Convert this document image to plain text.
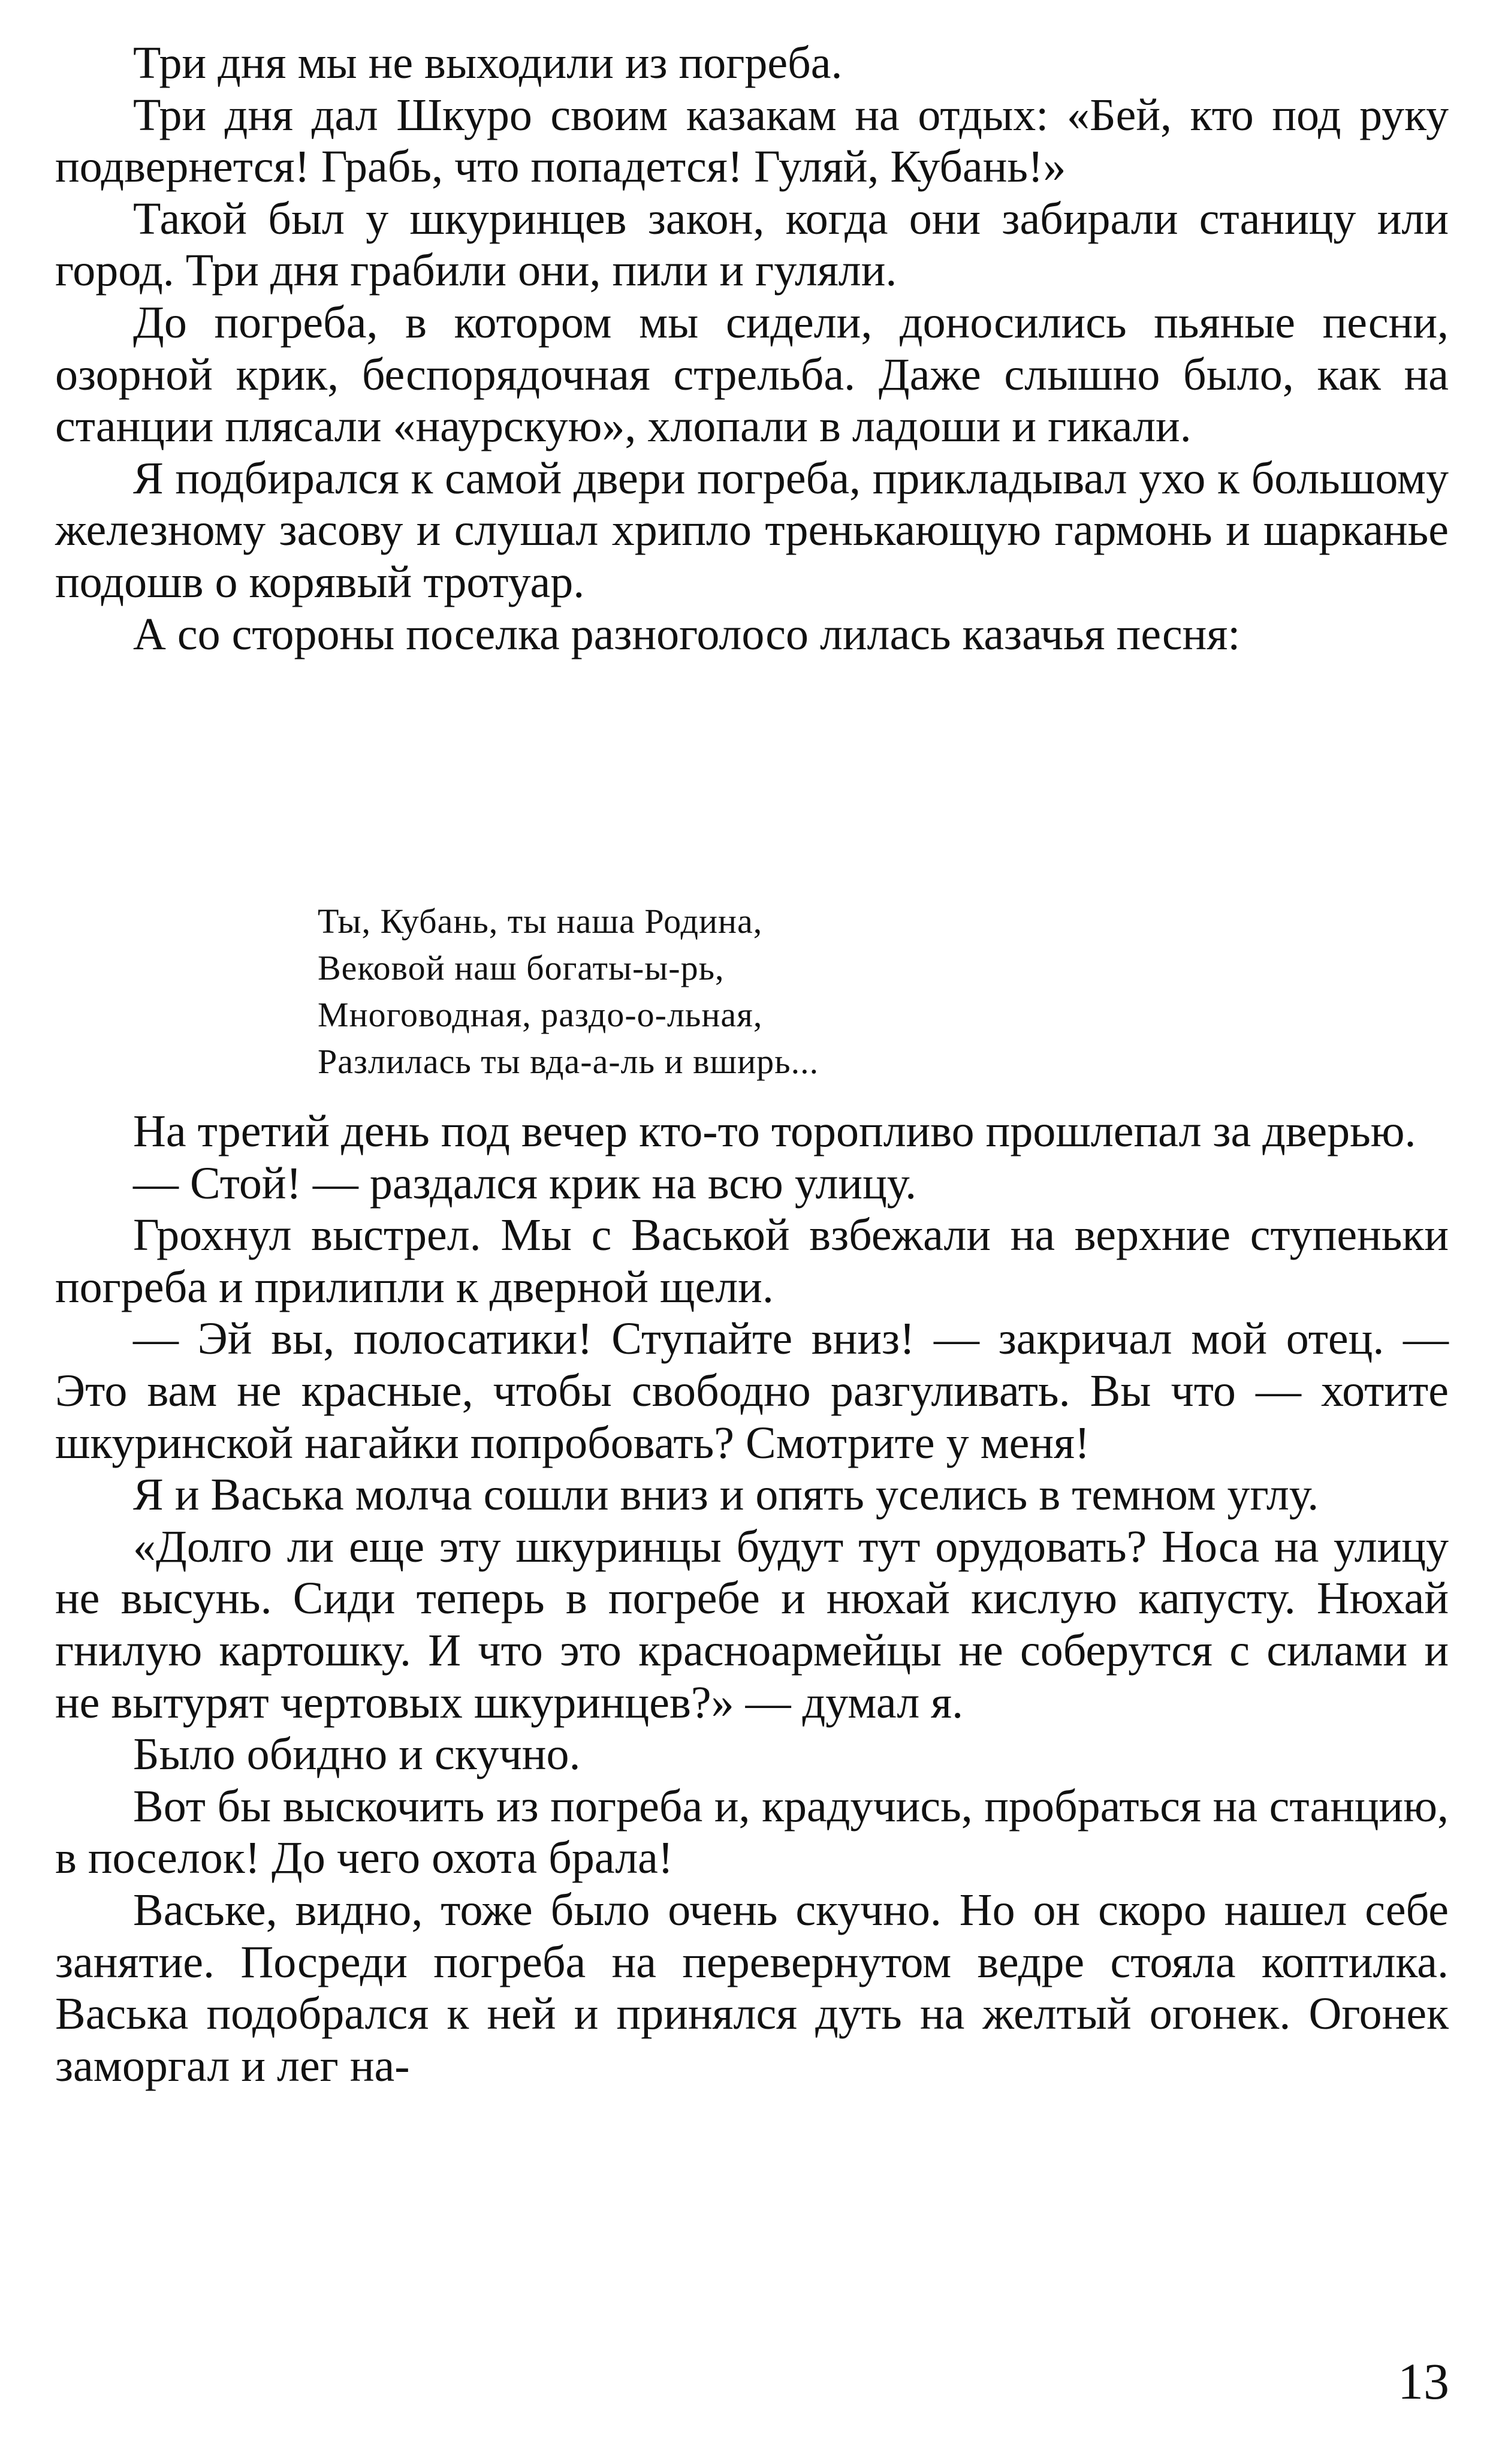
Три дня мы не выходили из погреба.

Три дня дал Шкуро своим казакам на отдых: «Бей, кто под руку подвернется! Грабь, что попадется! Гуляй, Кубань!»

Такой был у шкуринцев закон, когда они забирали станицу или город. Три дня грабили они, пили и гуляли.

До погреба, в котором мы сидели, доносились пьяные песни, озорной крик, беспорядочная стрельба. Даже слышно было, как на станции плясали «наурскую», хлопали в ладоши и гикали.

Я подбирался к самой двери погреба, прикладывал ухо к большому железному засову и слушал хрипло тренькающую гармонь и шарканье подошв о корявый тротуар.

А со стороны поселка разноголосо лилась казачья песня:

Ты, Кубань, ты наша Родина,
Вековой наш богаты-ы-рь,
Многоводная, раздо-о-льная,
Разлилась ты вда-а-ль и вширь...

На третий день под вечер кто-то торопливо прошлепал за дверью.

— Стой! — раздался крик на всю улицу.

Грохнул выстрел. Мы с Васькой взбежали на верхние ступеньки погреба и прилипли к дверной щели.

— Эй вы, полосатики! Ступайте вниз! — закричал мой отец. — Это вам не красные, чтобы свободно разгуливать. Вы что — хотите шкуринской нагайки попробовать? Смотрите у меня!

Я и Васька молча сошли вниз и опять уселись в темном углу.

«Долго ли еще эту шкуринцы будут тут орудовать? Носа на улицу не высунь. Сиди теперь в погребе и нюхай кислую капусту. Нюхай гнилую картошку. И что это красноармейцы не соберутся с силами и не вытурят чертовых шкуринцев?» — думал я.

Было обидно и скучно.

Вот бы выскочить из погреба и, крадучись, пробраться на станцию, в поселок! До чего охота брала!

Ваське, видно, тоже было очень скучно. Но он скоро нашел себе занятие. Посреди погреба на перевернутом ведре стояла коптилка. Васька подобрался к ней и принялся дуть на желтый огонек. Огонек заморгал и лег на-

13
